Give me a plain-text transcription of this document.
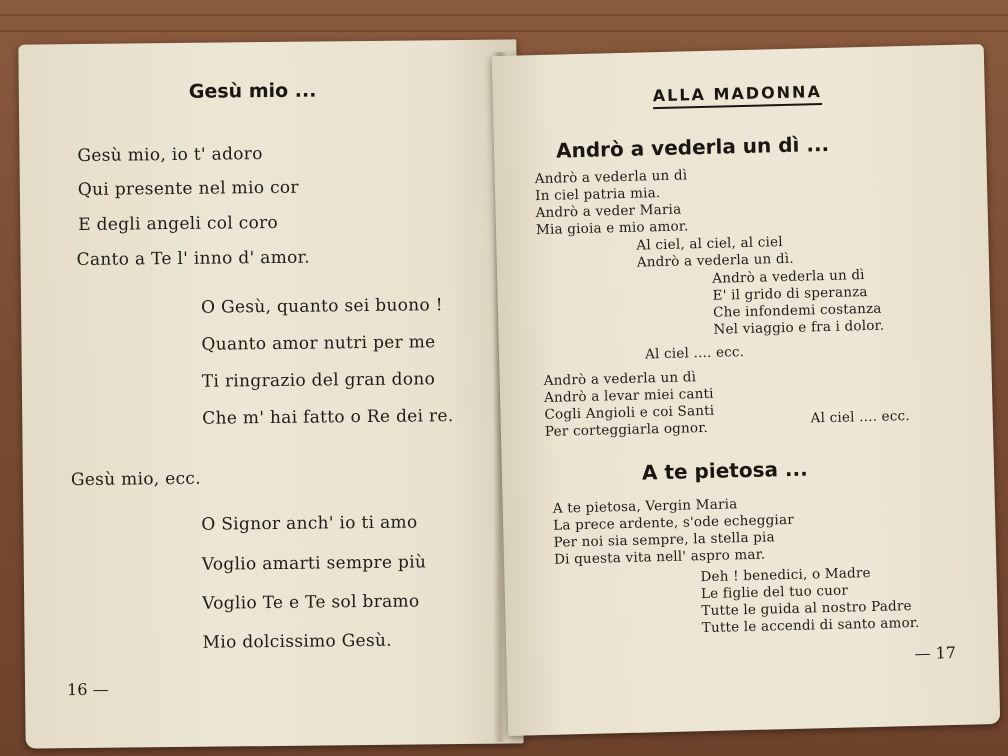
Gesù mio ...
Gesù mio, io t' adoro
Qui presente nel mio cor
E degli angeli col coro
Canto a Te l' inno d' amor.
O Gesù, quanto sei buono !
Quanto amor nutri per me
Ti ringrazio del gran dono
Che m' hai fatto o Re dei re.
Gesù mio, ecc.
O Signor anch' io ti amo
Voglio amarti sempre più
Voglio Te e Te sol bramo
Mio dolcissimo Gesù.
16 —
ALLA MADONNA
Andrò a vederla un dì ...
Andrò a vederla un dì
In ciel patria mia.
Andrò a veder Maria
Mia gioia e mio amor.
Al ciel, al ciel, al ciel
Andrò a vederla un dì.
Andrò a vederla un dì
E' il grido di speranza
Che infondemi costanza
Nel viaggio e fra i dolor.
Al ciel .... ecc.
Andrò a vederla un dì
Andrò a levar miei canti
Cogli Angioli e coi Santi
Per corteggiarla ognor.
Al ciel .... ecc.
A te pietosa ...
A te pietosa, Vergin Maria
La prece ardente, s'ode echeggiar
Per noi sia sempre, la stella pia
Di questa vita nell' aspro mar.
Deh ! benedici, o Madre
Le figlie del tuo cuor
Tutte le guida al nostro Padre
Tutte le accendi di santo amor.
— 17
